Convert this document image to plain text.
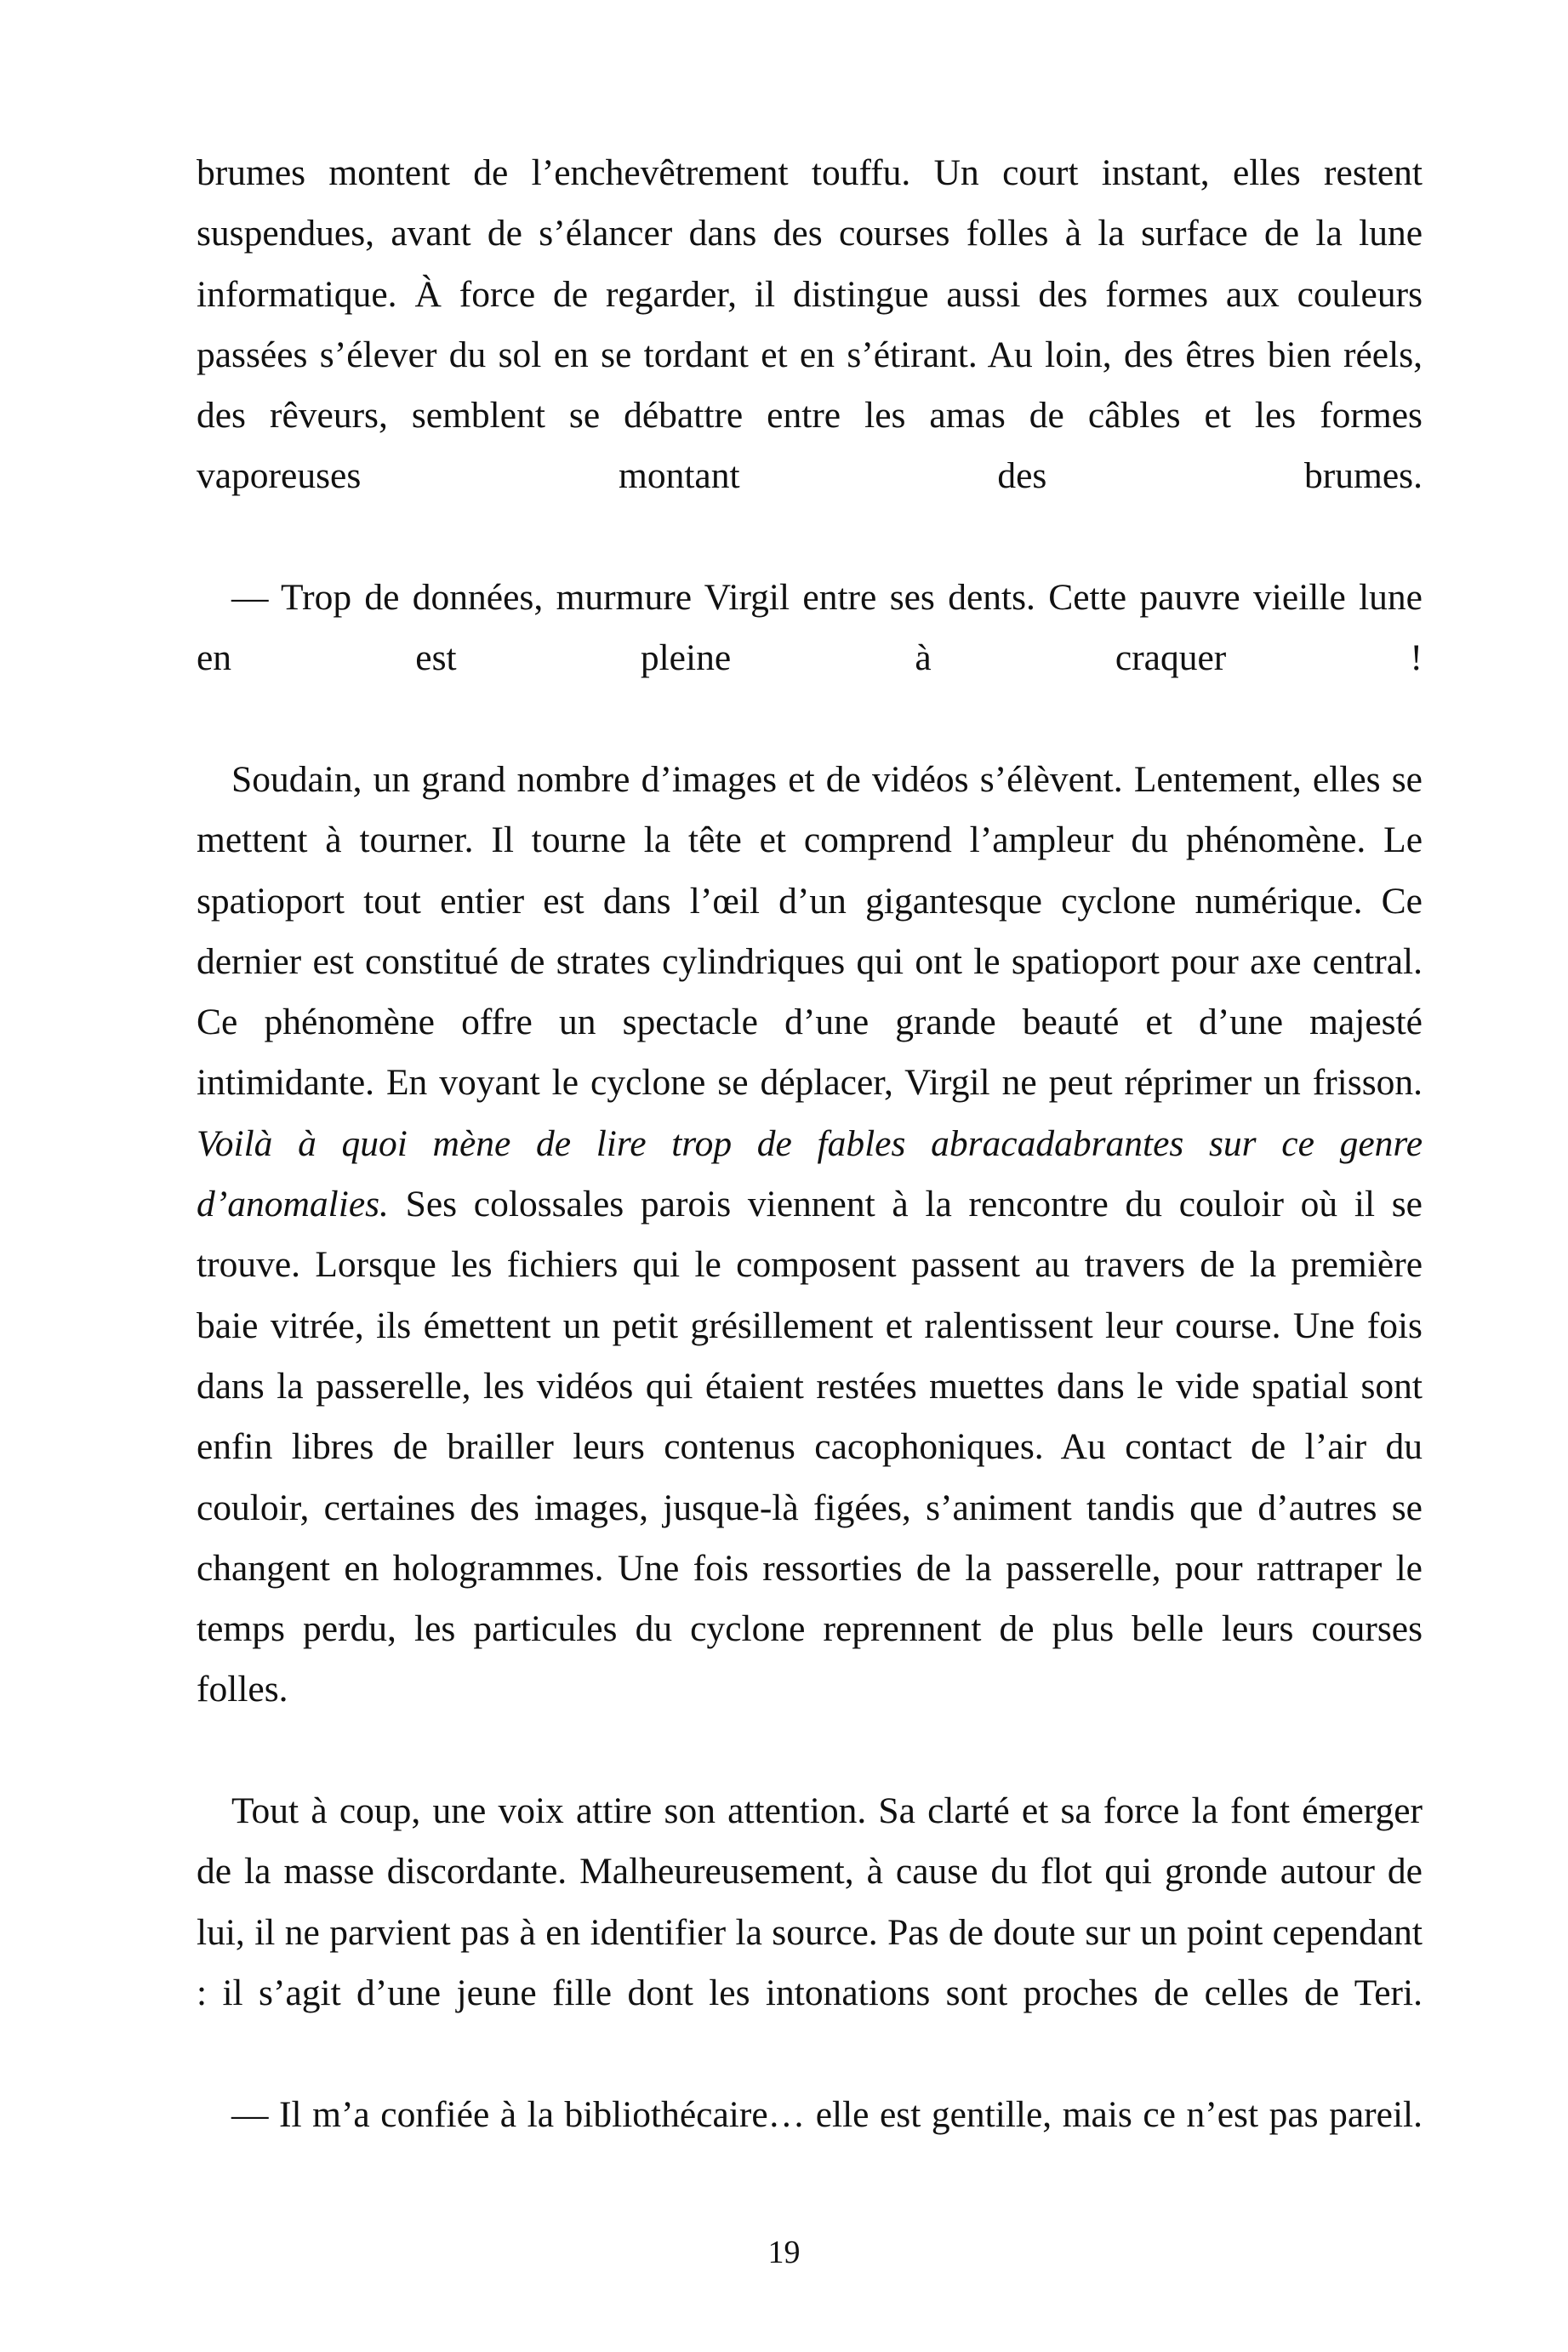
brumes montent de l’enchevêtrement touffu. Un court instant, elles restent suspendues, avant de s’élancer dans des courses folles à la surface de la lune informatique. À force de regarder, il distingue aussi des formes aux couleurs passées s’élever du sol en se tordant et en s’étirant. Au loin, des êtres bien réels, des rêveurs, semblent se débattre entre les amas de câbles et les formes vaporeuses montant des brumes.

— Trop de données, murmure Virgil entre ses dents. Cette pauvre vieille lune en est pleine à craquer !

Soudain, un grand nombre d’images et de vidéos s’élèvent. Lentement, elles se mettent à tourner. Il tourne la tête et comprend l’ampleur du phénomène. Le spatioport tout entier est dans l’œil d’un gigantesque cyclone numérique. Ce dernier est constitué de strates cylindriques qui ont le spatioport pour axe central. Ce phénomène offre un spectacle d’une grande beauté et d’une majesté intimidante. En voyant le cyclone se déplacer, Virgil ne peut réprimer un frisson. Voilà à quoi mène de lire trop de fables abracadabrantes sur ce genre d’anomalies. Ses colossales parois viennent à la rencontre du couloir où il se trouve. Lorsque les fichiers qui le composent passent au travers de la première baie vitrée, ils émettent un petit grésillement et ralentissent leur course. Une fois dans la passerelle, les vidéos qui étaient restées muettes dans le vide spatial sont enfin libres de brailler leurs contenus cacophoniques. Au contact de l’air du couloir, certaines des images, jusque-là figées, s’animent tandis que d’autres se changent en hologrammes. Une fois ressorties de la passerelle, pour rattraper le temps perdu, les particules du cyclone reprennent de plus belle leurs courses folles.

Tout à coup, une voix attire son attention. Sa clarté et sa force la font émerger de la masse discordante. Malheureusement, à cause du flot qui gronde autour de lui, il ne parvient pas à en identifier la source. Pas de doute sur un point cependant : il s’agit d’une jeune fille dont les intonations sont proches de celles de Teri.

— Il m’a confiée à la bibliothécaire… elle est gentille, mais ce n’est pas pareil.

19
